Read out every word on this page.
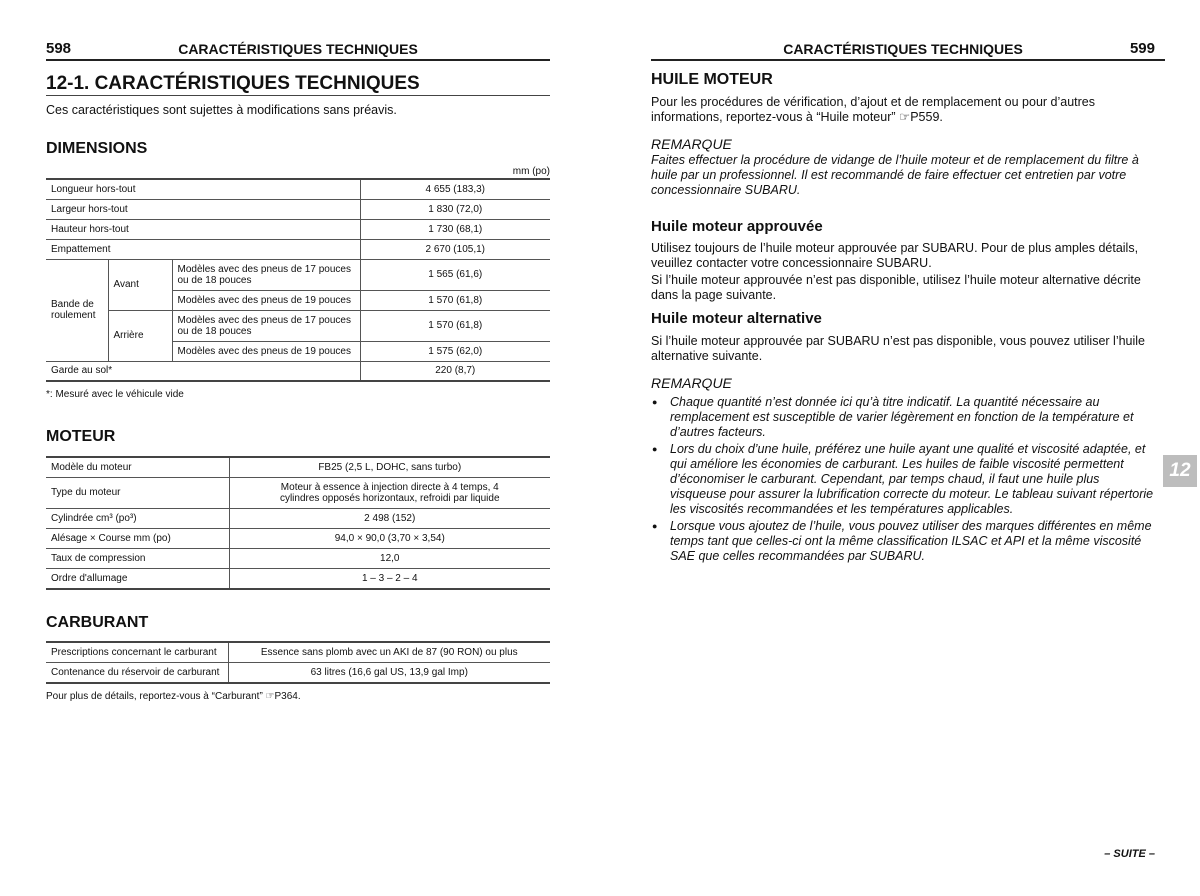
598	CARACTÉRISTIQUES TECHNIQUES
12-1. CARACTÉRISTIQUES TECHNIQUES
Ces caractéristiques sont sujettes à modifications sans préavis.
DIMENSIONS
mm (po)
Longueur hors-tout			4 655 (183,3)
Largeur hors-tout			1 830 (72,0)
Hauteur hors-tout			1 730 (68,1)
Empattement			2 670 (105,1)
Bande de roulement	Avant	Modèles avec des pneus de 17 pouces ou de 18 pouces	1 565 (61,6)
		Modèles avec des pneus de 19 pouces	1 570 (61,8)
	Arrière	Modèles avec des pneus de 17 pouces ou de 18 pouces	1 570 (61,8)
		Modèles avec des pneus de 19 pouces	1 575 (62,0)
Garde au sol*			220 (8,7)
*: Mesuré avec le véhicule vide
MOTEUR
Modèle du moteur	FB25 (2,5 L, DOHC, sans turbo)
Type du moteur	Moteur à essence à injection directe à 4 temps, 4 cylindres opposés horizontaux, refroidi par liquide
Cylindrée cm³ (po³)	2 498 (152)
Alésage × Course mm (po)	94,0 × 90,0 (3,70 × 3,54)
Taux de compression	12,0
Ordre d'allumage	1 – 3 – 2 – 4
CARBURANT
Prescriptions concernant le carburant	Essence sans plomb avec un AKI de 87 (90 RON) ou plus
Contenance du réservoir de carburant	63 litres (16,6 gal US, 13,9 gal Imp)
Pour plus de détails, reportez-vous à “Carburant” ☞P364.
CARACTÉRISTIQUES TECHNIQUES	599
HUILE MOTEUR

Pour les procédures de vérification, d’ajout et de remplacement ou pour d’autres informations, reportez-vous à “Huile moteur” ☞P559.

REMARQUE

Faites effectuer la procédure de vidange de l’huile moteur et de remplacement du filtre à huile par un professionnel. Il est recommandé de faire effectuer cet entretien par votre concessionnaire SUBARU.

Huile moteur approuvée

Utilisez toujours de l’huile moteur approuvée par SUBARU. Pour de plus amples détails, veuillez contacter votre concessionnaire SUBARU.

Si l’huile moteur approuvée n’est pas disponible, utilisez l’huile moteur alternative décrite dans la page suivante.

Huile moteur alternative

Si l’huile moteur approuvée par SUBARU n’est pas disponible, vous pouvez utiliser l’huile alternative suivante.

REMARQUE

● Chaque quantité n’est donnée ici qu’à titre indicatif. La quantité nécessaire au remplacement est susceptible de varier légèrement en fonction de la température et d’autres facteurs.
● Lors du choix d’une huile, préférez une huile ayant une qualité et viscosité adaptée, et qui améliore les économies de carburant. Les huiles de faible viscosité permettent d’économiser le carburant. Cependant, par temps chaud, il faut une huile plus visqueuse pour assurer la lubrification correcte du moteur. Le tableau suivant répertorie les viscosités recommandées et les températures applicables.
● Lorsque vous ajoutez de l’huile, vous pouvez utiliser des marques différentes en même temps tant que celles-ci ont la même classification ILSAC et API et la même viscosité SAE que celles recommandées par SUBARU.
12
– SUITE –
